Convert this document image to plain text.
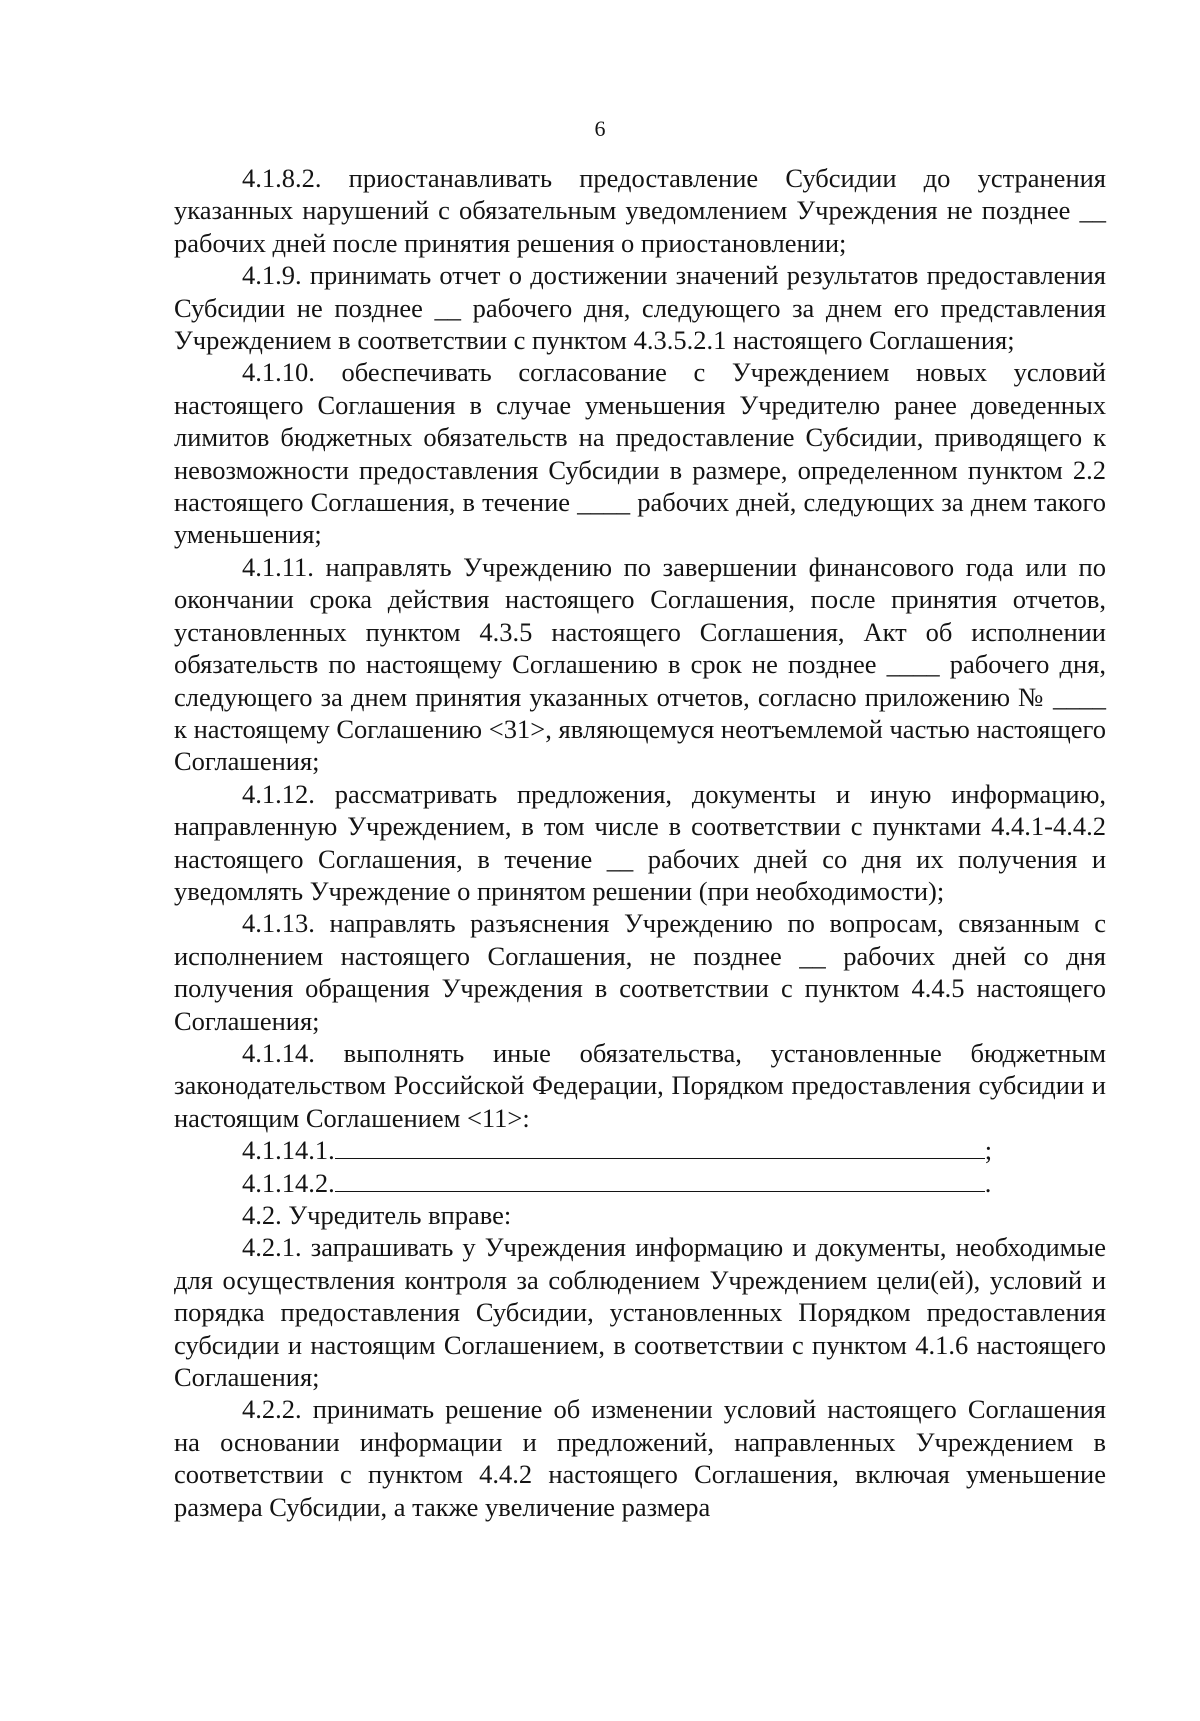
6

4.1.8.2. приостанавливать предоставление Субсидии до устранения указанных нарушений с обязательным уведомлением Учреждения не позднее __ рабочих дней после принятия решения о приостановлении;

4.1.9. принимать отчет о достижении значений результатов предоставления Субсидии не позднее __ рабочего дня, следующего за днем его представления Учреждением в соответствии с пунктом 4.3.5.2.1 настоящего Соглашения;

4.1.10. обеспечивать согласование с Учреждением новых условий настоящего Соглашения в случае уменьшения Учредителю ранее доведенных лимитов бюджетных обязательств на предоставление Субсидии, приводящего к невозможности предоставления Субсидии в размере, определенном пунктом 2.2 настоящего Соглашения, в течение ____ рабочих дней, следующих за днем такого уменьшения;

4.1.11. направлять Учреждению по завершении финансового года или по окончании срока действия настоящего Соглашения, после принятия отчетов, установленных пунктом 4.3.5 настоящего Соглашения, Акт об исполнении обязательств по настоящему Соглашению в срок не позднее ____ рабочего дня, следующего за днем принятия указанных отчетов, согласно приложению № ____ к настоящему Соглашению <31>, являющемуся неотъемлемой частью настоящего Соглашения;

4.1.12. рассматривать предложения, документы и иную информацию, направленную Учреждением, в том числе в соответствии с пунктами 4.4.1-4.4.2 настоящего Соглашения, в течение __ рабочих дней со дня их получения и уведомлять Учреждение о принятом решении (при необходимости);

4.1.13. направлять разъяснения Учреждению по вопросам, связанным с исполнением настоящего Соглашения, не позднее __ рабочих дней со дня получения обращения Учреждения в соответствии с пунктом 4.4.5 настоящего Соглашения;

4.1.14. выполнять иные обязательства, установленные бюджетным законодательством Российской Федерации, Порядком предоставления субсидии и настоящим Соглашением <11>:

4.1.14.1.	;

4.1.14.2.	.

4.2. Учредитель вправе:

4.2.1. запрашивать у Учреждения информацию и документы, необходимые для осуществления контроля за соблюдением Учреждением цели(ей), условий и порядка предоставления Субсидии, установленных Порядком предоставления субсидии и настоящим Соглашением, в соответствии с пунктом 4.1.6 настоящего Соглашения;

4.2.2. принимать решение об изменении условий настоящего Соглашения на основании информации и предложений, направленных Учреждением в соответствии с пунктом 4.4.2 настоящего Соглашения, включая уменьшение размера Субсидии, а также увеличение размера
